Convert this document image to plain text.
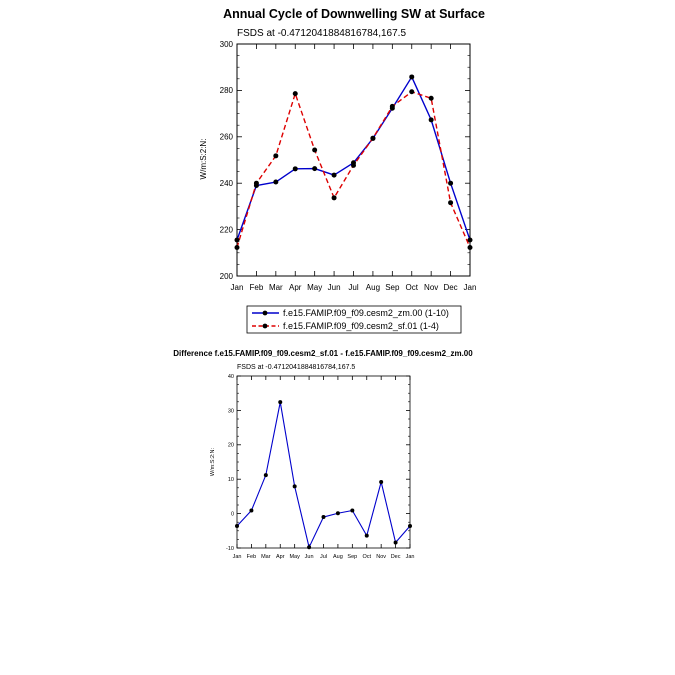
Annual Cycle of Downwelling SW at Surface
FSDS at -0.4712041884816784,167.5
W/m:S:2:N:
Jan Feb Mar Apr May Jun Jul Aug Sep Oct Nov Dec Jan
200
220
240
260
280
300
f.e15.FAMIP.f09_f09.cesm2_zm.00 (1-10)
f.e15.FAMIP.f09_f09.cesm2_sf.01 (1-4)
Difference f.e15.FAMIP.f09_f09.cesm2_sf.01 - f.e15.FAMIP.f09_f09.cesm2_zm.00
FSDS at -0.4712041884816784,167.5
W/m:S:2:N:
Jan Feb Mar Apr May Jun Jul Aug Sep Oct Nov Dec Jan
-10
0
10
20
30
40
